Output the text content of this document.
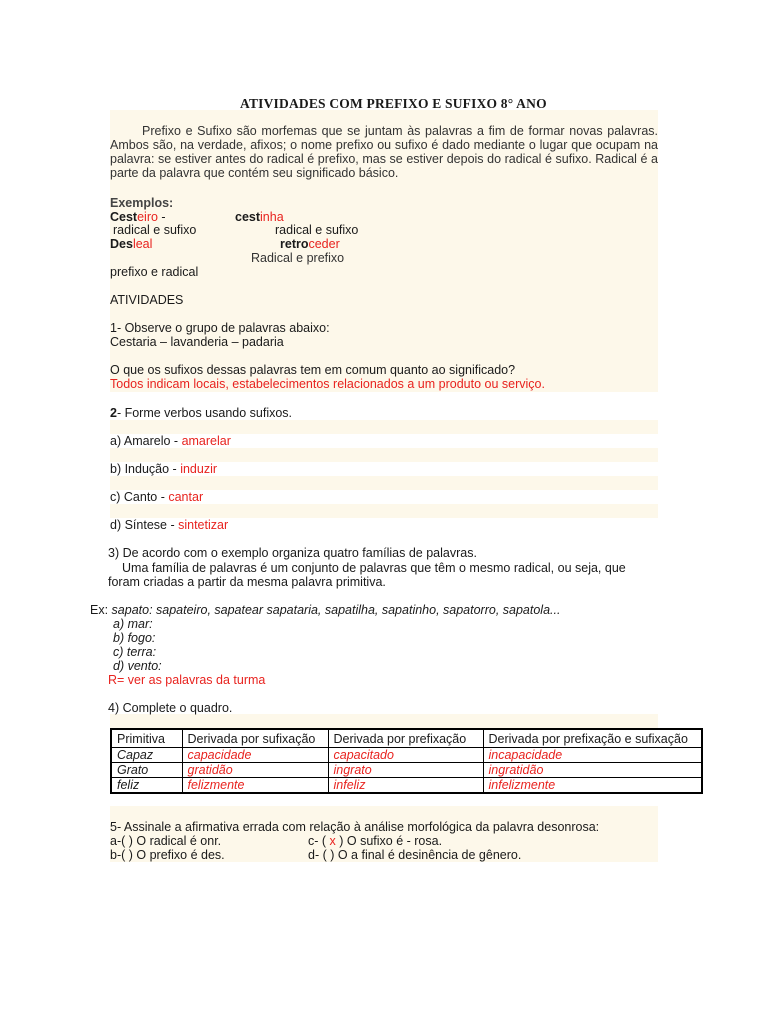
ATIVIDADES COM PREFIXO E SUFIXO 8° ANO
Prefixo e Sufixo são morfemas que se juntam às palavras a fim de formar novas palavras. Ambos são, na verdade, afixos; o nome prefixo ou sufixo é dado mediante o lugar que ocupam na palavra: se estiver antes do radical é prefixo, mas se estiver depois do radical é sufixo. Radical é a parte da palavra que contém seu significado básico.
Exemplos:
Cesteiro -	cestinha
radical e sufixo	radical e sufixo
Desleal	retroceder
Radical e prefixo
prefixo e radical
ATIVIDADES
1- Observe o grupo de palavras abaixo:
Cestaria – lavanderia – padaria
O que os sufixos dessas palavras tem em comum quanto ao significado?
Todos indicam locais, estabelecimentos relacionados a um produto ou serviço.
2- Forme verbos usando sufixos.
a) Amarelo - amarelar
b) Indução - induzir
c) Canto - cantar
d) Síntese - sintetizar
3) De acordo com o exemplo organiza quatro famílias de palavras.
Uma família de palavras é um conjunto de palavras que têm o mesmo radical, ou seja, que
foram criadas a partir da mesma palavra primitiva.
Ex: sapato: sapateiro, sapatear sapataria, sapatilha, sapatinho, sapatorro, sapatola...
a) mar:
b) fogo:
c) terra:
d) vento:
R= ver as palavras da turma
4) Complete o quadro.
Primitiva	Derivada por sufixação	Derivada por prefixação	Derivada por prefixação e sufixação
Capaz	capacidade	capacitado	incapacidade
Grato	gratidão	ingrato	ingratidão
feliz	felizmente	infeliz	infelizmente
5- Assinale a afirmativa errada com relação à análise morfológica da palavra desonrosa:
a-( ) O radical é onr.	c- ( x ) O sufixo é - rosa.
b-( ) O prefixo é des.	d- ( ) O a final é desinência de gênero.
